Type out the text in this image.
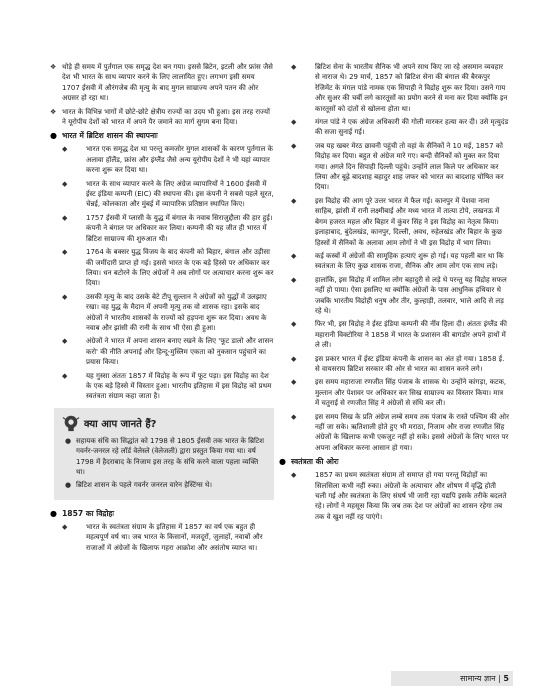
❖ थोड़े ही समय में पुर्तगाल एक समृद्ध देश बन गया। इससे ब्रिटेन, इटली और फ्रांस जैसे देश भी भारत के साथ व्यापार करने के लिए लालायित हुए। लगभग इसी समय 1707 ईसवी में औरंगजेब की मृत्यु के बाद मुगल साम्राज्य अपने पतन की ओर अग्रसर हो रहा था।
❖ भारत के विभिन्न भागों में छोटे-छोटे क्षेत्रीय राज्यों का उदय भी हुआ। इस तरह राज्यों ने यूरोपीय देशों को भारत में अपने पैर जमाने का मार्ग सुगम बना दिया।
● भारत में ब्रिटिश शासन की स्थापनाः
◆	भारत एक समृद्ध देश था परन्तु कमजोर मुगल शासकों के कारण पुर्तगाल के अलावा हॉलैंड, फ्रांस और इंग्लैंड जैसे अन्य यूरोपीय देशों ने भी यहां व्यापार करना शुरू कर दिया था।
◆	भारत के साथ व्यापार करने के लिए अंग्रेज व्यापारियों ने 1600 ईसवी में ईस्ट इंडिया कम्पनी (EIC) की स्थापना की। इस कंपनी ने सबसे पहले सूरत, चेन्नई, कोलकाता और मुंबई में व्यापारिक प्रतिष्ठान स्थापित किए।
◆	1757 ईसवी में प्लासी के युद्ध में बंगाल के नवाब सिराजुद्दौला की हार हुई। कंपनी ने बंगाल पर अधिकार कर लिया। कम्पनी की यह जीत ही भारत में ब्रिटिश साम्राज्य की शुरुआत थी।
◆	1764 के बक्सर युद्ध विजय के बाद कंपनी को बिहार, बंगाल और उड़ीसा की जमींदारी प्राप्त हो गई। इससे भारत के एक बड़े हिस्से पर अधिकार कर लिया। धन बटोरने के लिए अंग्रेजों ने अब लोगों पर अत्याचार करना शुरू कर दिया।
◆	उसकी मृत्यु के बाद उसके बेटे टीपू सुल्तान ने अंग्रेजों को युद्धों में उलझाए रखा। वह युद्ध के मैदान में अपनी मृत्यु तक वो शासक रहा। इसके बाद अंग्रेजों ने भारतीय शासकों के राज्यों को हड़पना शुरू कर दिया। अवध के नवाब और झांसी की रानी के साथ भी ऐसा ही हुआ।
◆	अंग्रेजों ने भारत में अपना शासन बनाए रखने के लिए 'फूट डालो और शासन करो' की नीति अपनाई और हिन्दू-मुस्लिम एकता को नुकसान पहुंचाने का प्रयास किया।
◆	यह गुस्सा अंततः 1857 में विद्रोह के रूप में फूट पड़ा। इस विद्रोह का देश के एक बड़े हिस्से में विस्तार हुआ। भारतीय इतिहास में इस विद्रोह को प्रथम स्वतंत्रता संग्राम कहा जाता है।
क्या आप जानते हैं?
● सहायक संधि का सिद्धांत को 1798 से 1805 ईसवी तक भारत के ब्रिटिश गवर्नर-जनरल रहे लॉर्ड वेलेस्ले (वेलेजली) द्वारा प्रस्तुत किया गया था। वर्ष 1798 में हैदराबाद के निजाम इस तरह के संधि करने वाला पहला व्यक्ति था।
● ब्रिटिश शासन के पहले गवर्नर जनरल वारेन हेस्टिंग्स थे।
● 1857 का विद्रोहः
◆	भारत के स्वतंत्रता संग्राम के इतिहास में 1857 का वर्ष एक बहुत ही महत्वपूर्ण वर्ष था। जब भारत के किसानों, मजदूरों, जुलाहों, नवाबों और राजाओं में अंग्रेजों के खिलाफ गहरा आक्रोश और असंतोष व्याप्त था।
◆	ब्रिटिश सेना के भारतीय सैनिक भी अपने साथ किए जा रहे असमान व्यवहार से नाराज थे। 29 मार्च, 1857 को ब्रिटिश सेना की बंगाल की बैरकपुर रेजिमेंट के मंगल पांडे नामक एक सिपाही ने विद्रोह शुरू कर दिया। उसने गाय और सुअर की चर्बी लगे कारतूसों का प्रयोग करने से मना कर दिया क्योंकि इन कारतूसों को दांतों से खोलना होता था।
◆	मंगल पांडे ने एक अंग्रेज अधिकारी की गोली मारकर हत्या कर दी। उसे मृत्युदंड की सजा सुनाई गई।
◆	जब यह खबर मेरठ छावनी पहुंची तो वहां के सैनिकों ने 10 मई, 1857 को विद्रोह कर दिया। बहुत से अंग्रेज मारे गए। बन्दी सैनिकों को मुक्त कर दिया गया। अगले दिन सिपाही दिल्ली पहुंचे। उन्होंने लाल किले पर अधिकार कर लिया और बूढ़े बादशाह बहादुर शाह जफर को भारत का बादशाह घोषित कर दिया।
◆	इस विद्रोह की आग पूरे उत्तर भारत में फैल गई। कानपुर में पेशवा नाना साहिब, झांसी में रानी लक्ष्मीबाई और मध्य भारत में तात्या टोपे, लखनऊ में बेगम हजरत महल और बिहार में कुंवर सिंह ने इस विद्रोह का नेतृत्व किया। इलाहाबाद, बुंदेलखंड, कानपुर, दिल्ली, अवध, रुहेलखंड और बिहार के कुछ हिस्सों में सैनिकों के अलावा आम लोगों ने भी इस विद्रोह में भाग लिया।
◆	कई कस्बों में अंग्रेजों की सामूहिक हत्याएं शुरू हो गई। यह पहली बार था कि स्वतंत्रता के लिए कुछ शासक राजा, सैनिक और आम लोग एक साथ लड़े।
◆	हालांकि, इस विद्रोह में शामिल लोग बहादुरी से लड़े थे परन्तु यह विद्रोह सफल नहीं हो पाया। ऐसा इसलिए था क्योंकि अंग्रेजों के पास आधुनिक हथियार थे जबकि भारतीय विद्रोही धनुष और तीर, कुल्हाड़ी, तलवार, भाले आदि से लड़ रहे थे।
◆	फिर भी, इस विद्रोह ने ईस्ट इंडिया कम्पनी की नींव हिला दी। अंततः इंग्लैंड की महारानी विक्टोरिया ने 1858 में भारत के प्रशासन की बागडोर अपने हाथों में ले ली।
◆	इस प्रकार भारत में ईस्ट इंडिया कंपनी के शासन का अंत हो गया। 1858 ई. से वायसराय ब्रिटिश सरकार की ओर से भारत का शासन करने लगे।
◆	इस समय महाराजा रणजीत सिंह पंजाब के शासक थे। उन्होंने कांगड़ा, कटक, मुल्तान और पेशावर पर अधिकार कर सिख साम्राज्य का विस्तार किया। मात्र में चतुराई से रणजीत सिंह ने अंग्रेजों से संधि कर ली।
◆	इस समय सिख के प्रति अंग्रेज लम्बे समय तक पंजाब के रास्ते पश्चिम की ओर नहीं जा सके। ऋतिशाली होते हुए भी मराठा, निजाम और राजा रणजीत सिंह अंग्रेजों के खिलाफ कभी एकजुट नहीं हो सके। इससे अंग्रेजों के लिए भारत पर अपना अधिकार करना आसान हो गया।
● स्वतंत्रता की ओरः
◆	1857 का प्रथम स्वतंत्रता संग्राम तो समाप्त हो गया परन्तु विद्रोहों का सिलसिला कभी नहीं रुका। अंग्रेजों के अत्याचार और शोषण में वृद्धि होती चली गई और स्वतंत्रता के लिए संघर्ष भी जारी रहा यद्यपि इसके तरीके बदलते रहे। लोगों ने महसूस किया कि जब तक देश पर अंग्रेजों का शासन रहेगा तब तक वे खुश नहीं रह पाएंगे।
सामान्य ज्ञान | 5
